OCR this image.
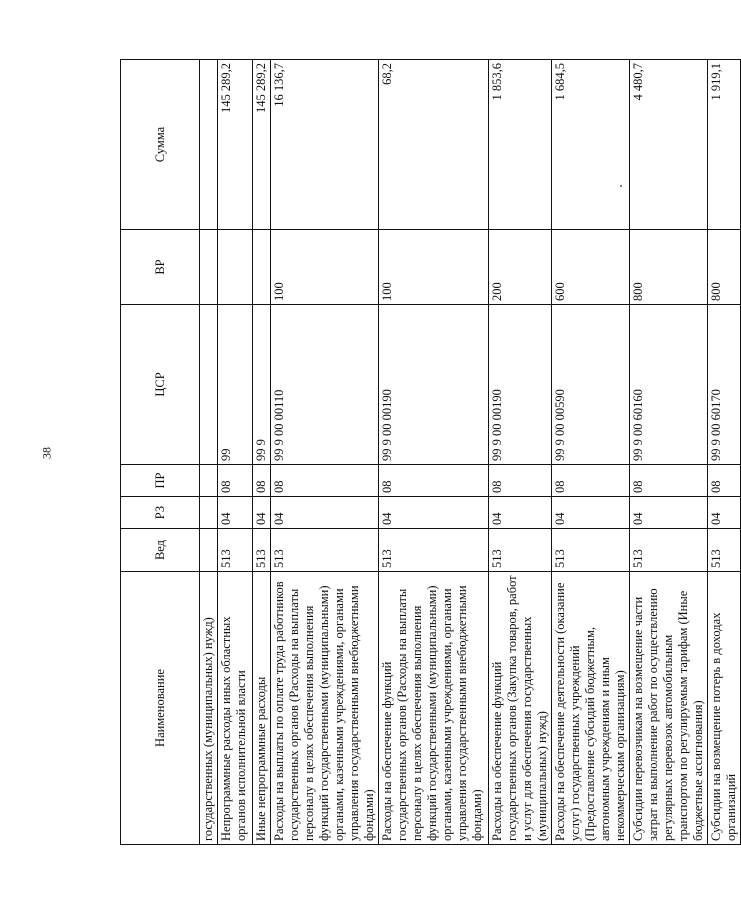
38
Наименование	Вед	РЗ	ПР	ЦСР	ВР	Сумма
государственных (муниципальных) нужд)						
Непрограммные расходы иных областных органов исполнительной власти	513	04	08	99		145 289,2
Иные непрограммные расходы	513	04	08	99 9		145 289,2
Расходы на выплаты по оплате труда работников государственных органов (Расходы на выплаты персоналу в целях обеспечения выполнения функций государственными (муниципальными) органами, казенными учреждениями, органами управления государственными внебюджетными фондами)	513	04	08	99 9 00 00110	100	16 136,7
Расходы на обеспечение функций государственных органов (Расходы на выплаты персоналу в целях обеспечения выполнения функций государственными (муниципальными) органами, казенными учреждениями, органами управления государственными внебюджетными фондами)	513	04	08	99 9 00 00190	100	68,2
Расходы на обеспечение функций государственных органов (Закупка товаров, работ и услуг для обеспечения государственных (муниципальных) нужд)	513	04	08	99 9 00 00190	200	1 853,6
Расходы на обеспечение деятельности (оказание услуг) государственных учреждений (Предоставление субсидий бюджетным, автономным учреждениям и иным некоммерческим организациям)	513	04	08	99 9 00 00590	600	1 684,5
Субсидии перевозчикам на возмещение части затрат на выполнение работ по осуществлению регулярных перевозок автомобильным транспортом по регулируемым тарифам (Иные бюджетные ассигнования)	513	04	08	99 9 00 60160	800	4 480,7
Субсидии на возмещение потерь в доходах организаций	513	04	08	99 9 00 60170	800	1 919,1
